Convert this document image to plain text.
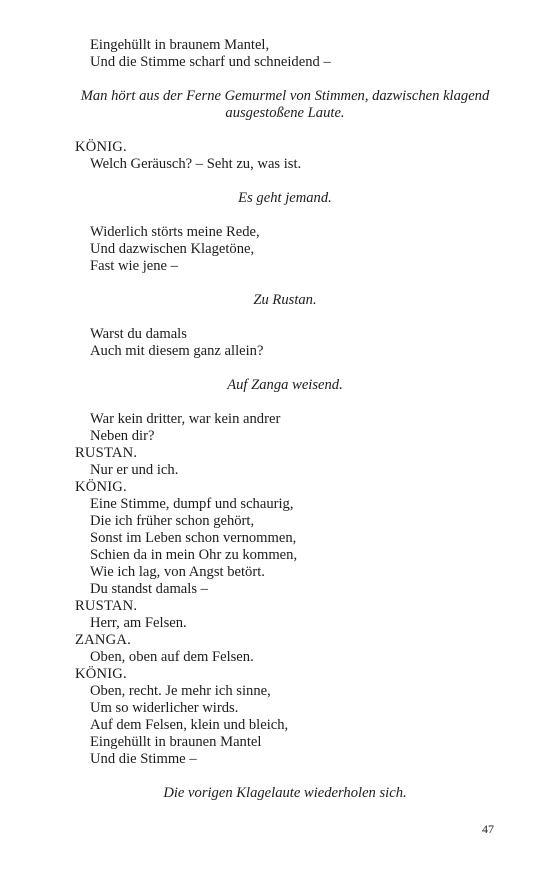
Eingehüllt in braunem Mantel,
Und die Stimme scharf und schneidend –
Man hört aus der Ferne Gemurmel von Stimmen, dazwischen klagend ausgestoßene Laute.
KÖNIG.
Welch Geräusch? – Seht zu, was ist.
Es geht jemand.
Widerlich störts meine Rede,
Und dazwischen Klagetöne,
Fast wie jene –
Zu Rustan.
Warst du damals
Auch mit diesem ganz allein?
Auf Zanga weisend.
War kein dritter, war kein andrer
Neben dir?
RUSTAN.
Nur er und ich.
KÖNIG.
Eine Stimme, dumpf und schaurig,
Die ich früher schon gehört,
Sonst im Leben schon vernommen,
Schien da in mein Ohr zu kommen,
Wie ich lag, von Angst betört.
Du standst damals –
RUSTAN.
Herr, am Felsen.
ZANGA.
Oben, oben auf dem Felsen.
KÖNIG.
Oben, recht. Je mehr ich sinne,
Um so widerlicher wirds.
Auf dem Felsen, klein und bleich,
Eingehüllt in braunen Mantel
Und die Stimme –
Die vorigen Klagelaute wiederholen sich.
47
